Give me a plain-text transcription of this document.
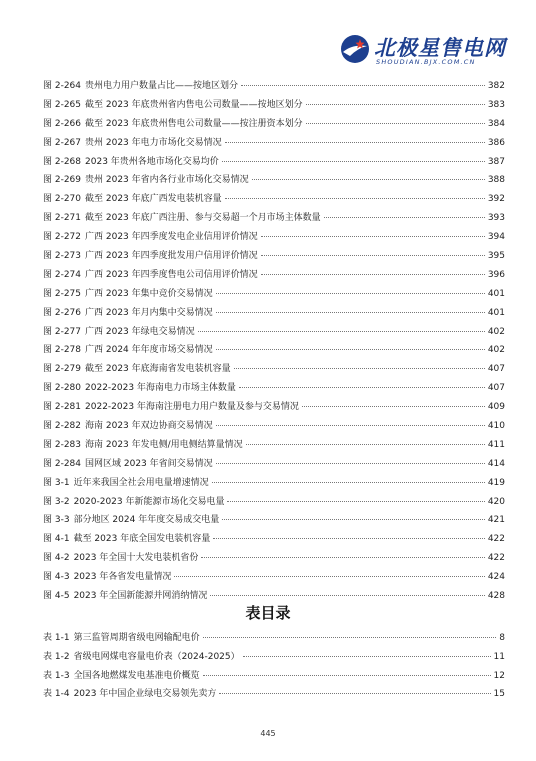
北极星售电网
SHOUDIAN.BJX.COM.CN
图 2-264 贵州电力用户数量占比——按地区划分	382
图 2-265 截至 2023 年底贵州省内售电公司数量——按地区划分	383
图 2-266 截至 2023 年底贵州售电公司数量——按注册资本划分	384
图 2-267 贵州 2023 年电力市场化交易情况	386
图 2-268 2023 年贵州各地市场化交易均价	387
图 2-269 贵州 2023 年省内各行业市场化交易情况	388
图 2-270 截至 2023 年底广西发电装机容量	392
图 2-271 截至 2023 年底广西注册、参与交易超一个月市场主体数量	393
图 2-272 广西 2023 年四季度发电企业信用评价情况	394
图 2-273 广西 2023 年四季度批发用户信用评价情况	395
图 2-274 广西 2023 年四季度售电公司信用评价情况	396
图 2-275 广西 2023 年集中竞价交易情况	401
图 2-276 广西 2023 年月内集中交易情况	401
图 2-277 广西 2023 年绿电交易情况	402
图 2-278 广西 2024 年年度市场交易情况	402
图 2-279 截至 2023 年底海南省发电装机容量	407
图 2-280 2022-2023 年海南电力市场主体数量	407
图 2-281 2022-2023 年海南注册电力用户数量及参与交易情况	409
图 2-282 海南 2023 年双边协商交易情况	410
图 2-283 海南 2023 年发电侧/用电侧结算量情况	411
图 2-284 国网区域 2023 年省间交易情况	414
图 3-1 近年来我国全社会用电量增速情况	419
图 3-2 2020-2023 年新能源市场化交易电量	420
图 3-3 部分地区 2024 年年度交易成交电量	421
图 4-1 截至 2023 年底全国发电装机容量	422
图 4-2 2023 年全国十大发电装机省份	422
图 4-3 2023 年各省发电量情况	424
图 4-5 2023 年全国新能源并网消纳情况	428
表目录
表 1-1 第三监管周期省级电网输配电价	8
表 1-2 省级电网煤电容量电价表（2024-2025）	11
表 1-3 全国各地燃煤发电基准电价概览	12
表 1-4 2023 年中国企业绿电交易领先卖方	15
445
